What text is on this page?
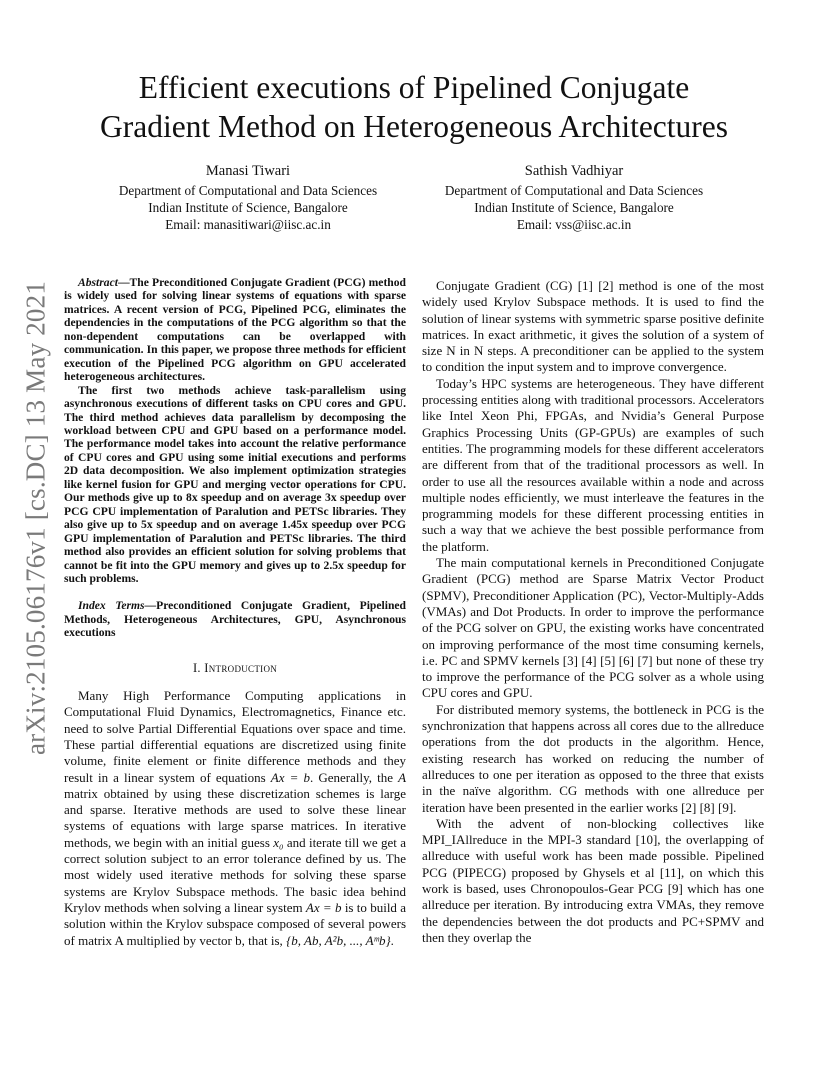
arXiv:2105.06176v1 [cs.DC] 13 May 2021
Efficient executions of Pipelined Conjugate
Gradient Method on Heterogeneous Architectures
Manasi Tiwari
Department of Computational and Data Sciences
Indian Institute of Science, Bangalore
Email: manasitiwari@iisc.ac.in
Sathish Vadhiyar
Department of Computational and Data Sciences
Indian Institute of Science, Bangalore
Email: vss@iisc.ac.in

Abstract—The Preconditioned Conjugate Gradient (PCG) method is widely used for solving linear systems of equations with sparse matrices. A recent version of PCG, Pipelined PCG, eliminates the dependencies in the computations of the PCG algorithm so that the non-dependent computations can be overlapped with communication. In this paper, we propose three methods for efficient execution of the Pipelined PCG algorithm on GPU accelerated heterogeneous architectures.

The first two methods achieve task-parallelism using asynchronous executions of different tasks on CPU cores and GPU. The third method achieves data parallelism by decomposing the workload between CPU and GPU based on a performance model. The performance model takes into account the relative performance of CPU cores and GPU using some initial executions and performs 2D data decomposition. We also implement optimization strategies like kernel fusion for GPU and merging vector operations for CPU. Our methods give up to 8x speedup and on average 3x speedup over PCG CPU implementation of Paralution and PETSc libraries. They also give up to 5x speedup and on average 1.45x speedup over PCG GPU implementation of Paralution and PETSc libraries. The third method also provides an efficient solution for solving problems that cannot be fit into the GPU memory and gives up to 2.5x speedup for such problems.

Index Terms—Preconditioned Conjugate Gradient, Pipelined Methods, Heterogeneous Architectures, GPU, Asynchronous executions

I. Introduction

Many High Performance Computing applications in Computational Fluid Dynamics, Electromagnetics, Finance etc. need to solve Partial Differential Equations over space and time. These partial differential equations are discretized using finite volume, finite element or finite difference methods and they result in a linear system of equations Ax = b. Generally, the A matrix obtained by using these discretization schemes is large and sparse. Iterative methods are used to solve these linear systems of equations with large sparse matrices. In iterative methods, we begin with an initial guess x₀ and iterate till we get a correct solution subject to an error tolerance defined by us. The most widely used iterative methods for solving these sparse systems are Krylov Subspace methods. The basic idea behind Krylov methods when solving a linear system Ax = b is to build a solution within the Krylov subspace composed of several powers of matrix A multiplied by vector b, that is, {b, Ab, A²b, ..., Aᵐb}.

Conjugate Gradient (CG) [1] [2] method is one of the most widely used Krylov Subspace methods. It is used to find the solution of linear systems with symmetric sparse positive definite matrices. In exact arithmetic, it gives the solution of a system of size N in N steps. A preconditioner can be applied to the system to condition the input system and to improve convergence.

Today’s HPC systems are heterogeneous. They have different processing entities along with traditional processors. Accelerators like Intel Xeon Phi, FPGAs, and Nvidia’s General Purpose Graphics Processing Units (GP-GPUs) are examples of such entities. The programming models for these different accelerators are different from that of the traditional processors as well. In order to use all the resources available within a node and across multiple nodes efficiently, we must interleave the features in the programming models for these different processing entities in such a way that we achieve the best possible performance from the platform.

The main computational kernels in Preconditioned Conjugate Gradient (PCG) method are Sparse Matrix Vector Product (SPMV), Preconditioner Application (PC), Vector-Multiply-Adds (VMAs) and Dot Products. In order to improve the performance of the PCG solver on GPU, the existing works have concentrated on improving performance of the most time consuming kernels, i.e. PC and SPMV kernels [3] [4] [5] [6] [7] but none of these try to improve the performance of the PCG solver as a whole using CPU cores and GPU.

For distributed memory systems, the bottleneck in PCG is the synchronization that happens across all cores due to the allreduce operations from the dot products in the algorithm. Hence, existing research has worked on reducing the number of allreduces to one per iteration as opposed to the three that exists in the naïve algorithm. CG methods with one allreduce per iteration have been presented in the earlier works [2] [8] [9].

With the advent of non-blocking collectives like MPI_IAllreduce in the MPI-3 standard [10], the overlapping of allreduce with useful work has been made possible. Pipelined PCG (PIPECG) proposed by Ghysels et al [11], on which this work is based, uses Chronopoulos-Gear PCG [9] which has one allreduce per iteration. By introducing extra VMAs, they remove the dependencies between the dot products and PC+SPMV and then they overlap the
